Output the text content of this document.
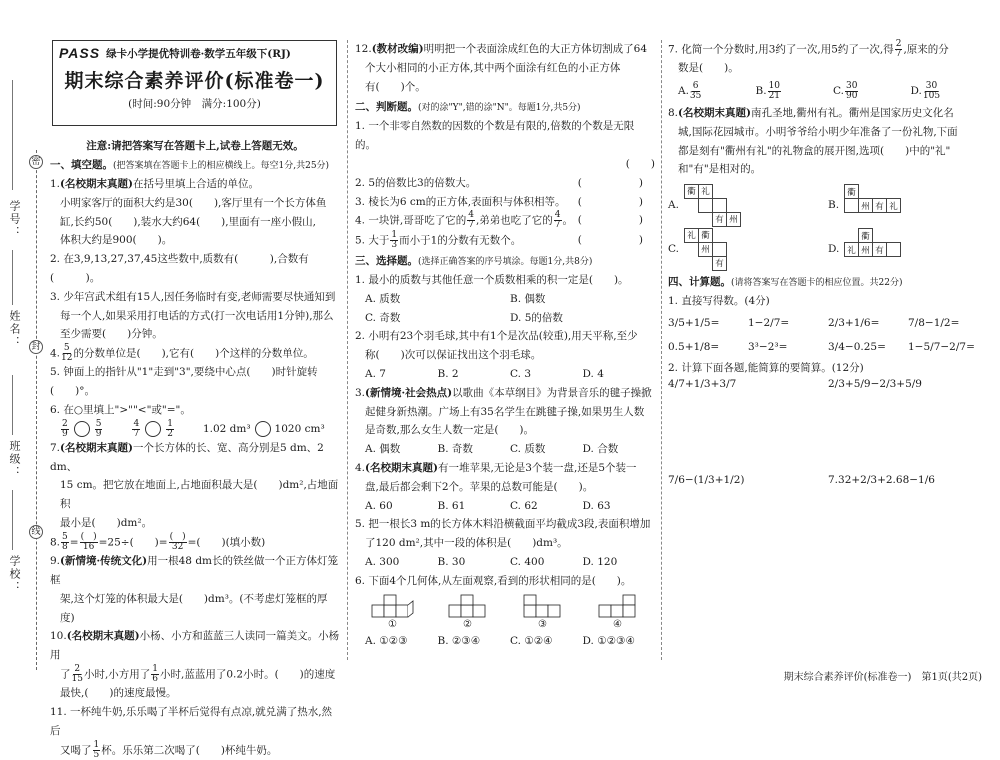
学号：
姓名：
班级：
学校：
密
封
线
PASS 绿卡小学提优特训卷·数学五年级下(RJ)
期末综合素养评价(标准卷一)
(时间:90分钟　满分:100分)
注意:请把答案写在答题卡上,试卷上答题无效。
一、填空题。(把答案填在答题卡上的相应横线上。每空1分,共25分)
1.(名校期末真题)在括号里填上合适的单位。
小明家客厅的面积大约是30(　　),客厅里有一个长方体鱼
缸,长约50(　　),装水大约64(　　),里面有一座小假山,
体积大约是900(　　)。
2. 在3,9,13,27,37,45这些数中,质数有(　　　),合数有(　　　)。
3. 少年宫武术组有15人,因任务临时有变,老师需要尽快通知到
每一个人,如果采用打电话的方式(打一次电话用1分钟),那么
至少需要(　　)分钟。
4. $\frac{5}{12}$ 的分数单位是(　　),它有(　　)个这样的分数单位。
5. 钟面上的指针从"1"走到"3",要绕中心点(　　)时针旋转(　　)°。
6. 在○里填上">""<"或"="。
$\frac{2}{9}$	$\frac{5}{9}$	$\frac{4}{7}$	$\frac{1}{2}$	1.02 dm³ 1020 cm³
7.(名校期末真题)一个长方体的长、宽、高分别是5 dm、2 dm、
15 cm。把它放在地面上,占地面积最大是(　　)dm²,占地面积
最小是(　　)dm²。
8. $\frac{5}{8} = \frac{( )}{16} =25\div$(　　)= $\frac{( )}{32}$ =(　　)(填小数)
9.(新情境·传统文化)用一根48 dm长的铁丝做一个正方体灯笼框
架,这个灯笼的体积最大是(　　)dm³。(不考虑灯笼框的厚度)
10.(名校期末真题)小杨、小方和蓝蓝三人读同一篇美文。小杨用
了 $\frac{2}{15}$ 小时,小方用了 $\frac{1}{6}$ 小时,蓝蓝用了0.2小时。(　　)的速度
最快,(　　)的速度最慢。
11. 一杯纯牛奶,乐乐喝了半杯后觉得有点凉,就兑满了热水,然后
又喝了 $\frac{1}{5}$ 杯。乐乐第二次喝了(　　)杯纯牛奶。
12.(教材改编)明明把一个表面涂成红色的大正方体切割成了64
个大小相同的小正方体,其中两个面涂有红色的小正方体
有(　　)个。
二、判断题。(对的涂"Y",错的涂"N"。每题1分,共5分)
1. 一个非零自然数的因数的个数是有限的,倍数的个数是无限的。
(　　)
2. 5的倍数比3的倍数大。	(　　)
3. 棱长为6 cm的正方体,表面积与体积相等。 (　　)
4. 一块饼,哥哥吃了它的 $\frac{4}{7}$ ,弟弟也吃了它的 $\frac{4}{7}$ 。 (　　)
5. 大于 $\frac{1}{3}$ 而小于1的分数有无数个。	(　　)
三、选择题。(选择正确答案的序号填涂。每题1分,共8分)
1. 最小的质数与其他任意一个质数相乘的积一定是(　　)。
A. 质数	B. 偶数
C. 奇数	D. 5的倍数
2. 小明有23个羽毛球,其中有1个是次品(较重),用天平称,至少
称(　　)次可以保证找出这个羽毛球。
A. 7	B. 2	C. 3	D. 4
3.(新情境·社会热点)以歌曲《本草纲目》为背景音乐的毽子操掀
起健身新热潮。广场上有35名学生在跳毽子操,如果男生人数
是奇数,那么女生人数一定是(　　)。
A. 偶数	B. 奇数	C. 质数	D. 合数
4.(名校期末真题)有一堆苹果,无论是3个装一盘,还是5个装一
盘,最后都会剩下2个。苹果的总数可能是(　　)。
A. 60	B. 61	C. 62	D. 63
5. 把一根长3 m的长方体木料沿横截面平均截成3段,表面积增加
了120 dm²,其中一段的体积是(　　)dm³。
A. 300	B. 30	C. 400	D. 120
6. 下面4个几何体,从左面观察,看到的形状相同的是(　　)。
①	②	③	④
A. ①②③	B. ②③④	C. ①②④	D. ①②③④
7. 化简一个分数时,用3约了一次,用5约了一次,得 $\frac{2}{7}$ ,原来的分
数是(　　)。
A. $\frac{6}{35}$	B. $\frac{10}{21}$	C. $\frac{30}{90}$	D. $\frac{30}{105}$
8.(名校期末真题)南孔圣地,衢州有礼。衢州是国家历史文化名
城,国际花园城市。小明爷爷给小明少年准备了一份礼物,下面
都是刻有"衢州有礼"的礼物盒的展开图,选项(　　)中的"礼"
和"有"是相对的。
A.
衢	礼		

		有	州
B.
衢			
	州	有	礼

C.
礼	衢		
	州		
		有	
D.
	衢		
礼	州	有	

四、计算题。(请将答案写在答题卡的相应位置。共22分)
1. 直接写得数。(4分)
3/5+1/5=	1−2/7=	2/3+1/6=	7/8−1/2=
0.5+1/8=	3³−2³=	3/4−0.25=	1−5/7−2/7=
2. 计算下面各题,能简算的要简算。(12分)
4/7+1/3+3/7	2/3+5/9−2/3+5/9
7/6−(1/3+1/2)	7.32+2/3+2.68−1/6
期末综合素养评价(标准卷一)　第1页(共2页)
